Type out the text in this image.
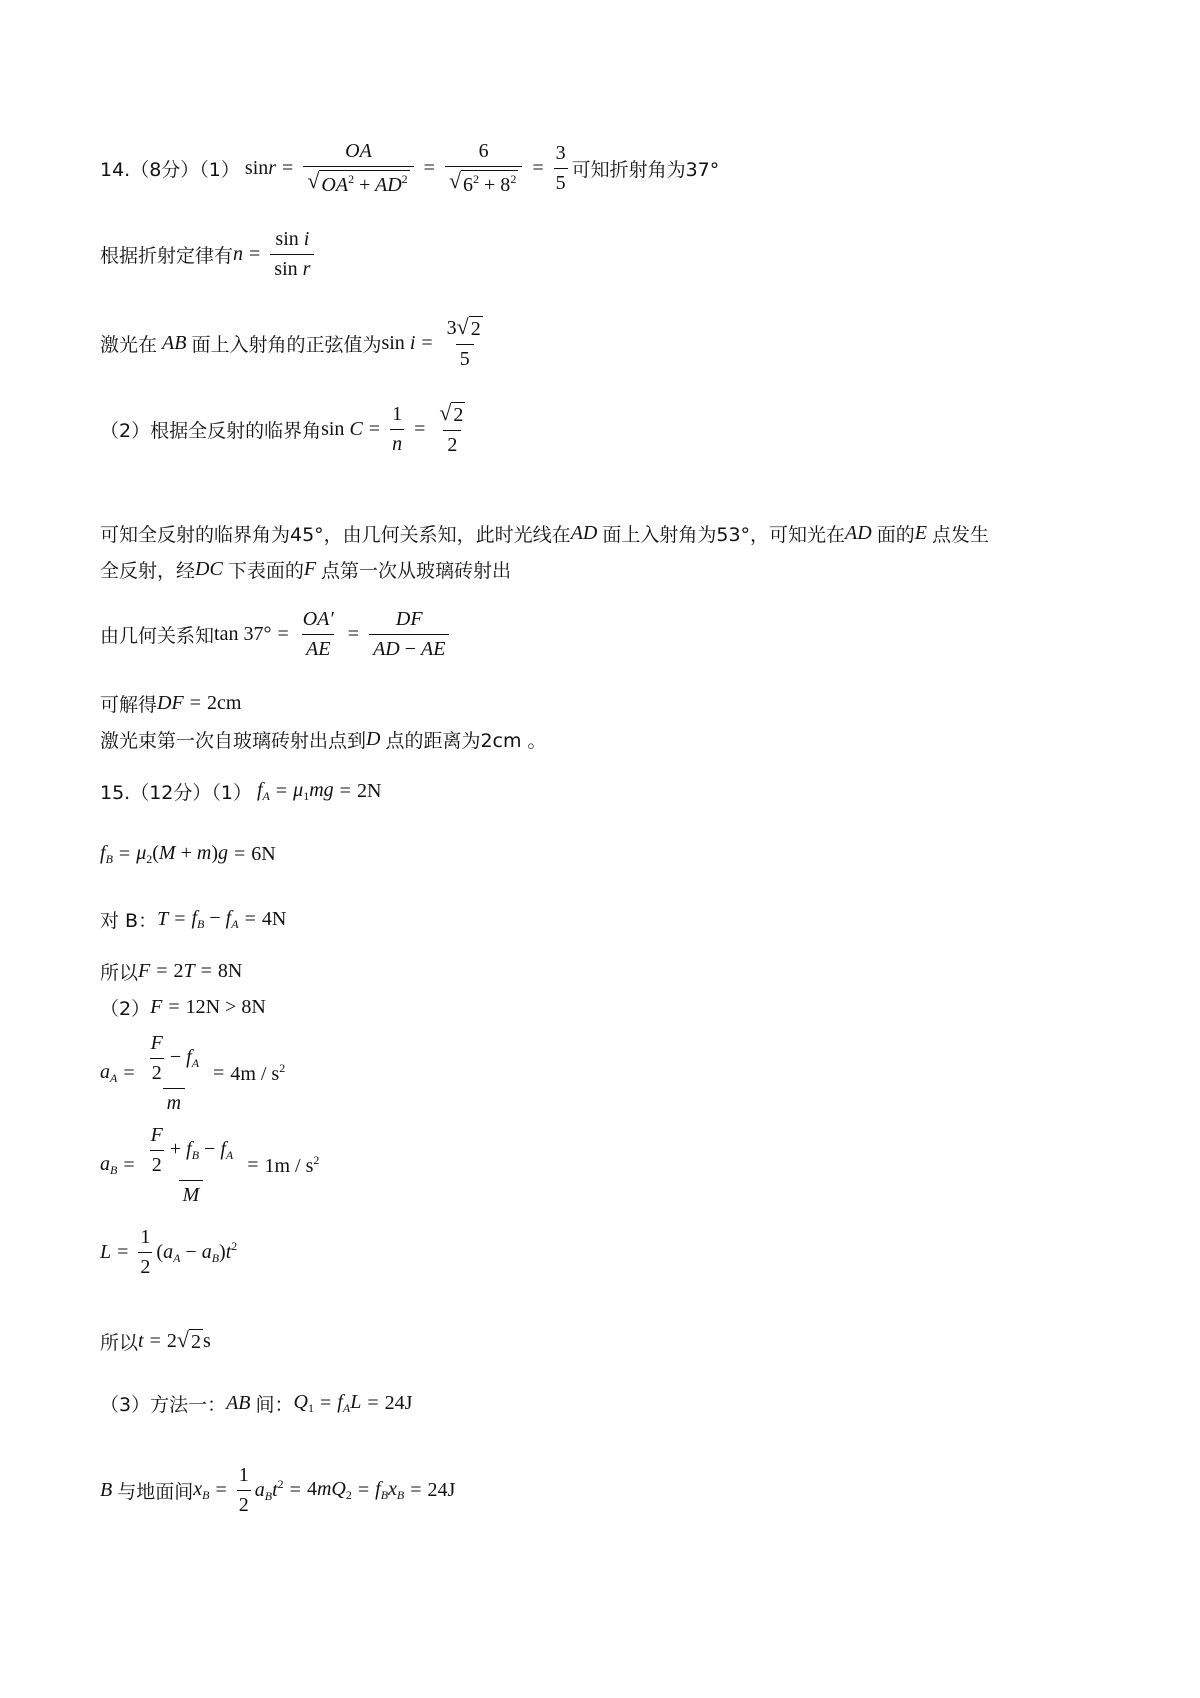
14.（8分）（1） $\sin r = \frac{OA}{√ OA^2 + AD^2} = \frac{6}{√ 6^2 + 8^2} = \frac{3}{5}$ 可知折射角为37°
根据折射定律有 $n = \frac{\text{sin i}}{\text{sin r}}$
激光在 AB 面上入射角的正弦值为 $\sin i = \frac{3 √ 2}{5}$
（2）根据全反射的临界角 $\sin C = \frac{1}{n} = \frac{√ 2}{2}$
可知全反射的临界角为45°，由几何关系知，此时光线在 AD 面上入射角为53°，可知光在 AD 面的 E 点发生
全反射，经 DC 下表面的 F 点第一次从玻璃砖射出
由几何关系知 $\tan 37^\circ = \frac{OA'}{AE} = \frac{DF}{AD - AE}$
可解得 DF = 2cm
激光束第一次自玻璃砖射出点到 D 点的距离为2cm 。
15.（12分）（1） $f_A = \mu_1mg = 2N$
$f_B = \mu_2(M + m)g = 6N$
对 B： $T = f_B - f_A = 4N$
所以 F = 2T = 8N
（2） F = 12N > 8N
$a_A = \frac{\frac{F}{2} - f_A}{m} = 4m / s^2$
$a_B = \frac{\frac{F}{2} + f_B - f_A}{M} = 1m / s^2$
$L = \frac{1}{2} (a_A - a_B)t^2$
所以 t = 2 √ 2 s
（3）方法一： AB 间： $Q_1 = f_AL = 24J$
B 与地面间 $x_B = \frac{1}{2} a_Bt^2 = 4mQ_2 = f_Bx_B = 24J$
